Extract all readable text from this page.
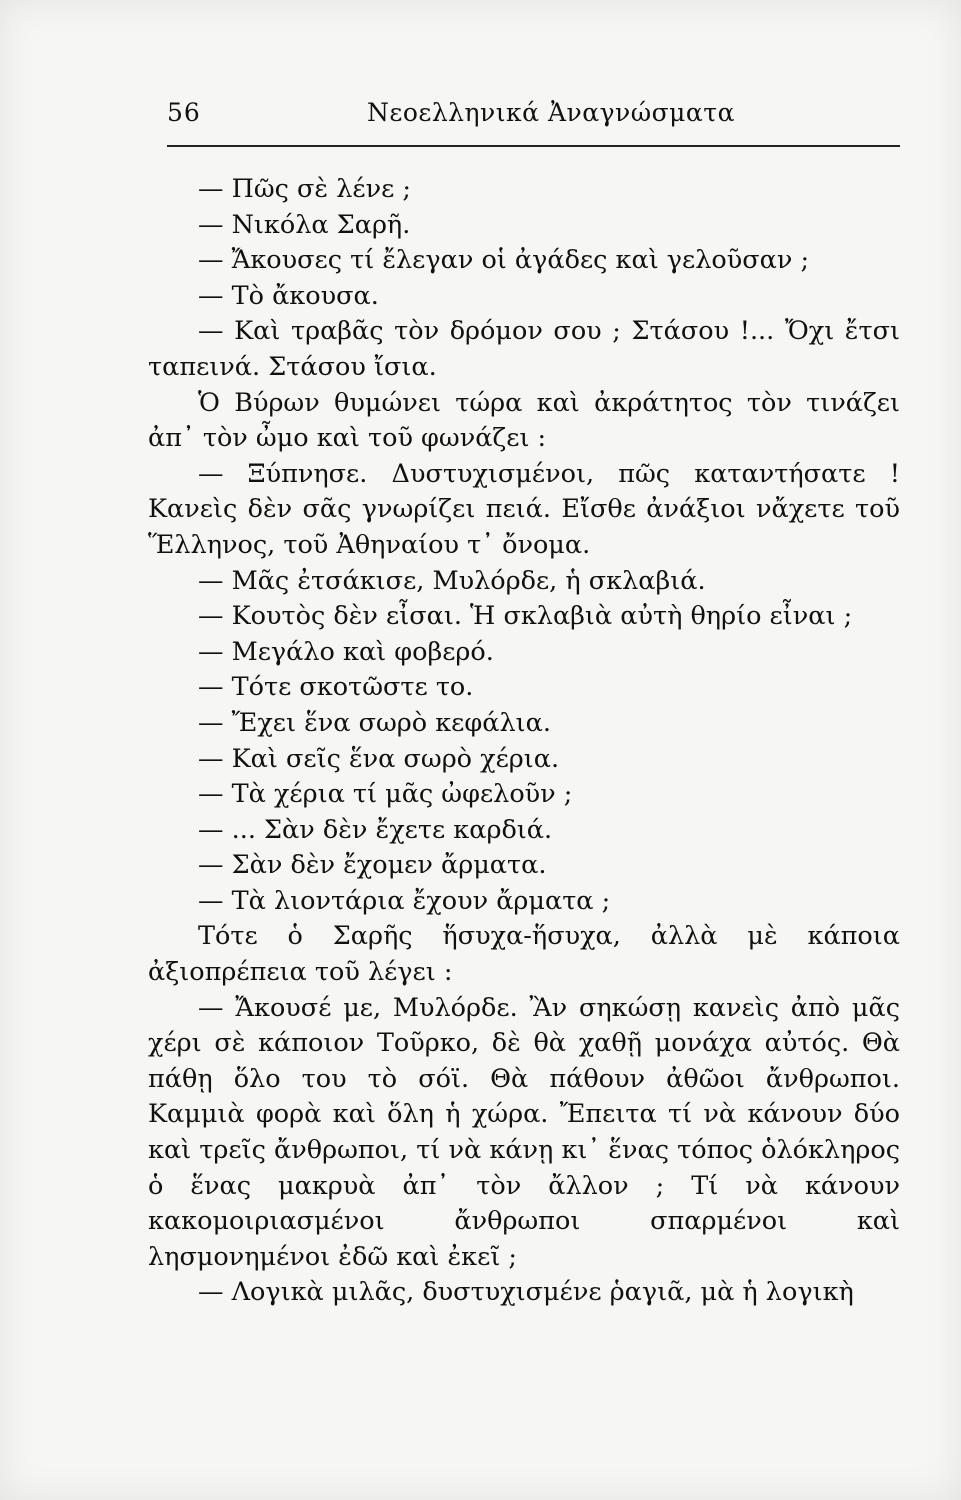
56	Νεοελληνικά Ἀναγνώσματα

— Πῶς σὲ λένε ;

— Νικόλα Σαρῆ.

— Ἄκουσες τί ἔλεγαν οἱ ἀγάδες καὶ γελοῦσαν ;

— Τὸ ἄκουσα.

— Καὶ τραβᾶς τὸν δρόμον σου ; Στάσου !... Ὄχι ἔτσι ταπεινά. Στάσου ἴσια.

Ὁ Βύρων θυμώνει τώρα καὶ ἀκράτητος τὸν τινάζει ἀπ᾽ τὸν ὦμο καὶ τοῦ φωνάζει :

— Ξύπνησε. Δυστυχισμένοι, πῶς καταντήσατε ! Κανεὶς δὲν σᾶς γνωρίζει πειά. Εἴσθε ἀνάξιοι νἄχετε τοῦ Ἕλληνος, τοῦ Ἀθηναίου τ᾽ ὄνομα.

— Μᾶς ἐτσάκισε, Μυλόρδε, ἡ σκλαβιά.

— Κουτὸς δὲν εἶσαι. Ἡ σκλαβιὰ αὐτὴ θηρίο εἶναι ;

— Μεγάλο καὶ φοβερό.

— Τότε σκοτῶστε το.

— Ἔχει ἕνα σωρὸ κεφάλια.

— Καὶ σεῖς ἕνα σωρὸ χέρια.

— Τὰ χέρια τί μᾶς ὠφελοῦν ;

— ... Σὰν δὲν ἔχετε καρδιά.

— Σὰν δὲν ἔχομεν ἄρματα.

— Τὰ λιοντάρια ἔχουν ἄρματα ;

Τότε ὁ Σαρῆς ἥσυχα-ἥσυχα, ἀλλὰ μὲ κάποια ἀξιοπρέπεια τοῦ λέγει :

— Ἄκουσέ με, Μυλόρδε. Ἂν σηκώσῃ κανεὶς ἀπὸ μᾶς χέρι σὲ κάποιον Τοῦρκο, δὲ θὰ χαθῇ μονάχα αὐτός. Θὰ πάθῃ ὅλο του τὸ σόϊ. Θὰ πάθουν ἀθῶοι ἄνθρωποι. Καμμιὰ φορὰ καὶ ὅλη ἡ χώρα. Ἔπειτα τί νὰ κάνουν δύο καὶ τρεῖς ἄνθρωποι, τί νὰ κάνῃ κι᾽ ἕνας τόπος ὁλόκληρος ὁ ἕνας μακρυὰ ἀπ᾽ τὸν ἄλλον ; Τί νὰ κάνουν κακομοιριασμένοι ἄνθρωποι σπαρμένοι καὶ λησμονημένοι ἐδῶ καὶ ἐκεῖ ;

— Λογικὰ μιλᾶς, δυστυχισμένε ῥαγιᾶ, μὰ ἡ λογικὴ
